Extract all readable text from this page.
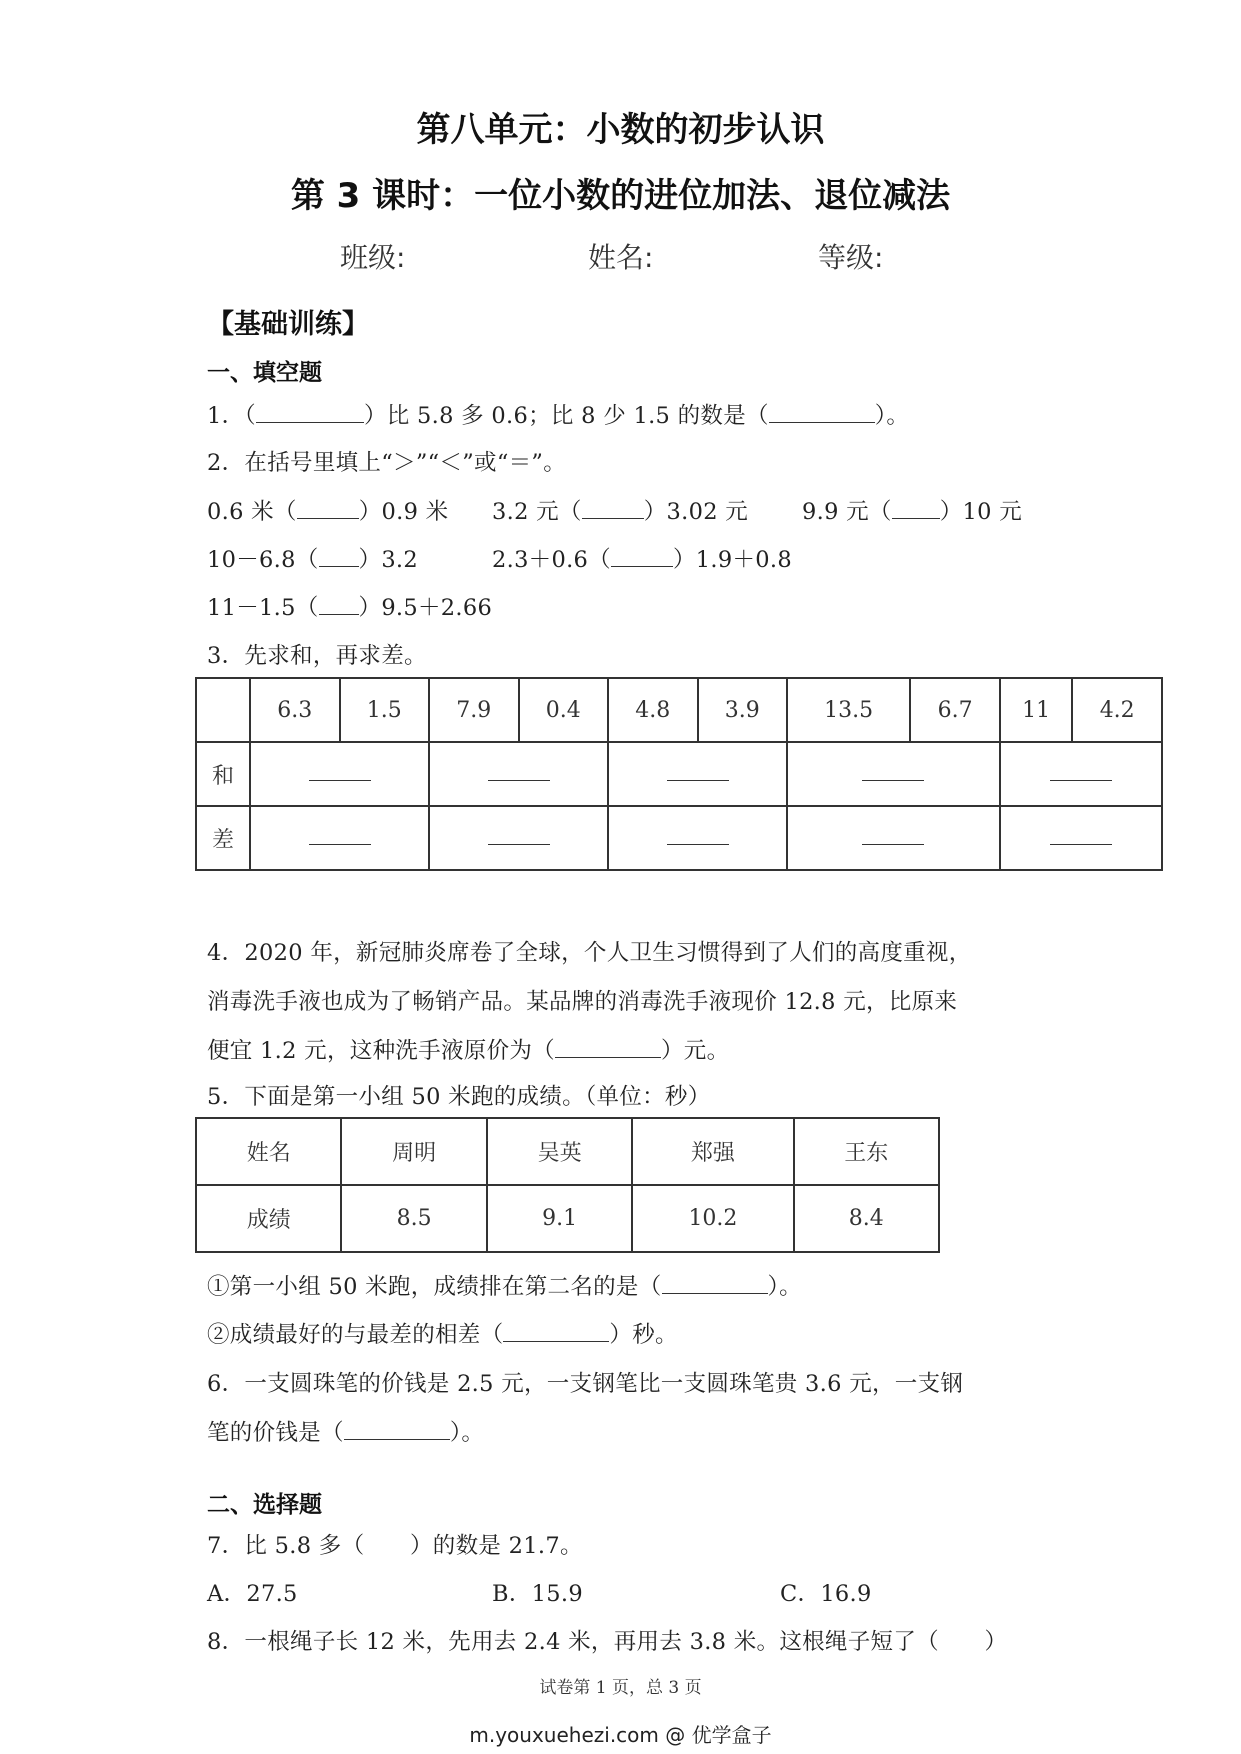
第八单元：小数的初步认识
第 3 课时：一位小数的进位加法、退位减法
班级:	姓名:	等级:
【基础训练】
一、填空题
1．（	）比 5.8 多 0.6；比 8 少 1.5 的数是（	）。
2．在括号里填上“＞”“＜”或“＝”。
0.6 米（	）0.9 米 3.2 元（	）3.02 元 9.9 元（ ）10 元
10－6.8（ ）3.2	2.3＋0.6（	）1.9＋0.8
11－1.5（ ）9.5＋2.66
3．先求和，再求差。
	6.3	1.5	7.9	0.4	4.8	3.9	13.5	6.7	11	4.2
和										
差										
4．2020 年，新冠肺炎席卷了全球，个人卫生习惯得到了人们的高度重视，
消毒洗手液也成为了畅销产品。某品牌的消毒洗手液现价 12.8 元，比原来
便宜 1.2 元，这种洗手液原价为（	）元。
5．下面是第一小组 50 米跑的成绩。（单位：秒）
姓名	周明	吴英	郑强	王东
成绩	8.5	9.1	10.2	8.4
①第一小组 50 米跑，成绩排在第二名的是（	）。
②成绩最好的与最差的相差（	）秒。
6．一支圆珠笔的价钱是 2.5 元，一支钢笔比一支圆珠笔贵 3.6 元，一支钢
笔的价钱是（	）。
二、选择题
7．比 5.8 多（　　）的数是 21.7。
A．27.5	B．15.9	C．16.9
8．一根绳子长 12 米，先用去 2.4 米，再用去 3.8 米。这根绳子短了（　　）
试卷第 1 页，总 3 页
m.youxuehezi.com @ 优学盒子
